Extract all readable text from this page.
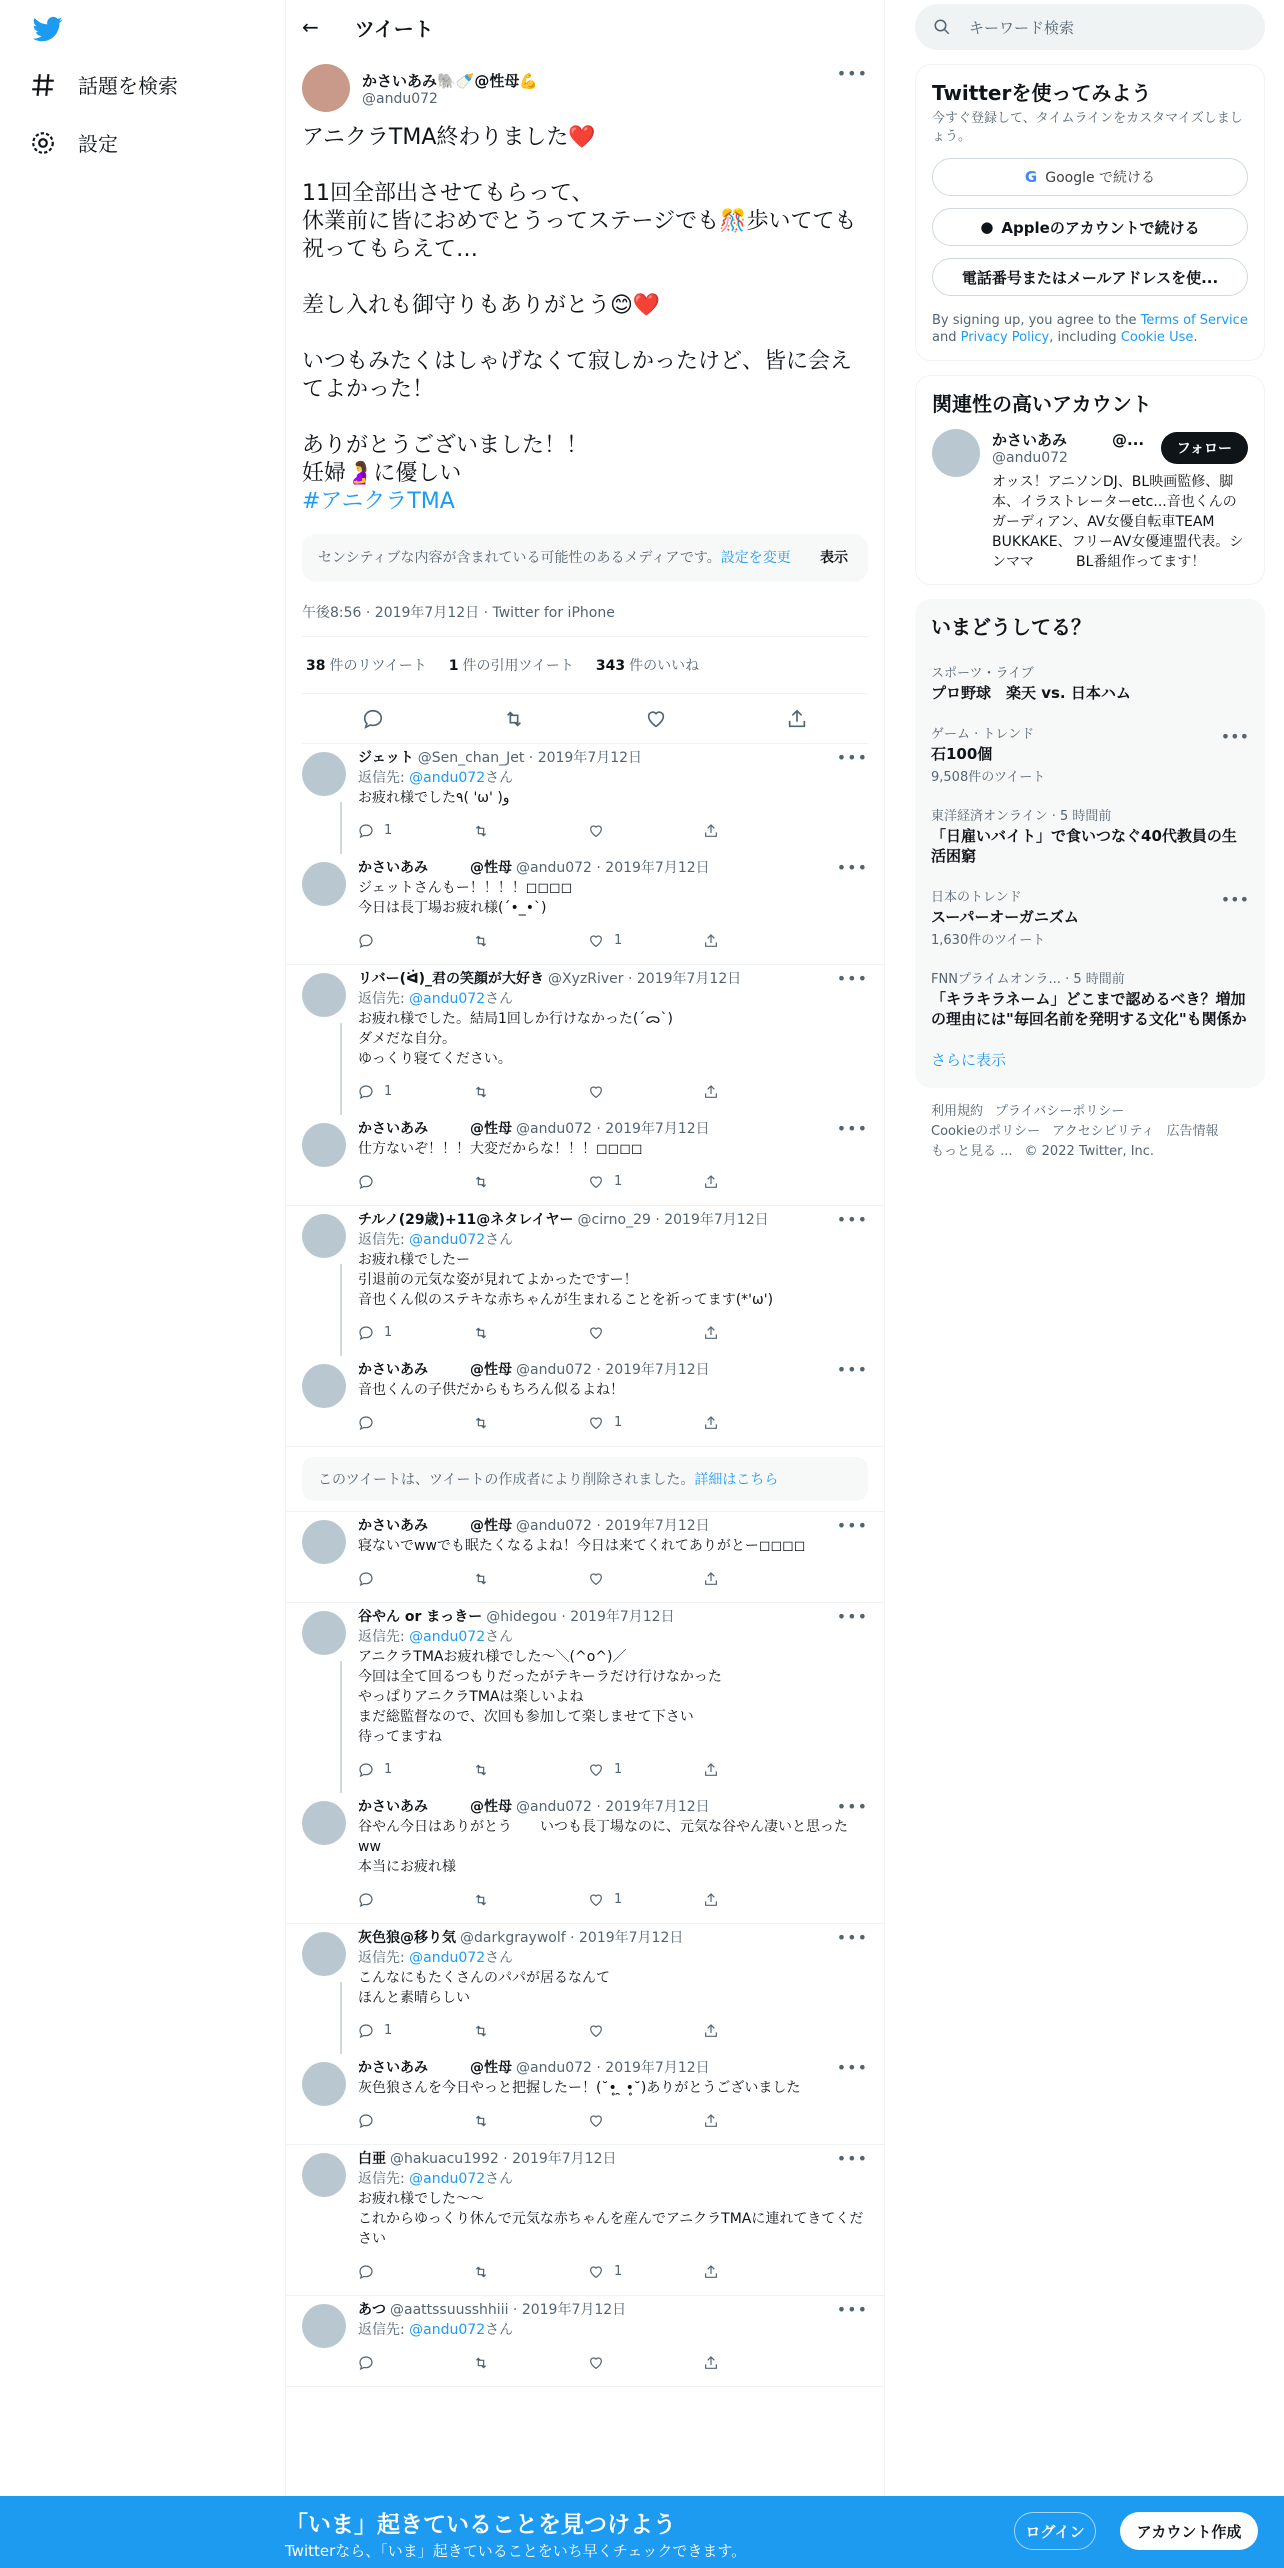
話題を検索
設定
← ツイート
かさいあみ🐘🍼@性母💪
@andu072
•••

アニクラTMA終わりました❤️

11回全部出させてもらって、
休業前に皆におめでとうってステージでも🎊歩いてても祝ってもらえて…

差し入れも御守りもありがとう😊❤️

いつもみたくはしゃげなくて寂しかったけど、皆に会えてよかった！

ありがとうございました！！
妊婦🤰に優しい

#アニクラTMA
センシティブな内容が含まれている可能性のあるメディアです。設定を変更	表示
午後8:56 · 2019年7月12日 · Twitter for iPhone
38 件のリツイート 1 件の引用ツイート 343 件のいいね
ジェット @Sen_chan_Jet · 2019年7月12日	•••
返信先: @andu072さん
お疲れ様でした٩( 'ω' )و
1
かさいあみ　　　@性母 @andu072 · 2019年7月12日	•••
ジェットさんもー！！！！◻︎◻︎◻︎◻︎
今日は長丁場お疲れ様(´•_•`)
1
リバー(ᐛ)_君の笑顔が大好き @XyzRiver · 2019年7月12日	•••
返信先: @andu072さん
お疲れ様でした。結局1回しか行けなかった(´ᯅ`)
ダメだな自分。
ゆっくり寝てください。
1
かさいあみ　　　@性母 @andu072 · 2019年7月12日	•••
仕方ないぞ！！！大変だからな！！！◻︎◻︎◻︎◻︎
1
チルノ(29歳)+11@ネタレイヤー @cirno_29 · 2019年7月12日	•••
返信先: @andu072さん
お疲れ様でしたー
引退前の元気な姿が見れてよかったですー！
音也くん似のステキな赤ちゃんが生まれることを祈ってます(*'ω')
1
かさいあみ　　　@性母 @andu072 · 2019年7月12日	•••
音也くんの子供だからもちろん似るよね！
1
このツイートは、ツイートの作成者により削除されました。詳細はこちら
かさいあみ　　　@性母 @andu072 · 2019年7月12日	•••
寝ないでwwでも眠たくなるよね！今日は来てくれてありがとー◻︎◻︎◻︎◻︎
谷やん or まっきー @hidegou · 2019年7月12日	•••
返信先: @andu072さん
アニクラTMAお疲れ様でした～＼(^o^)／
今回は全て回るつもりだったがテキーラだけ行けなかった
やっぱりアニクラTMAは楽しいよね
まだ総監督なので、次回も参加して楽しませて下さい
待ってますね
1	1
かさいあみ　　　@性母 @andu072 · 2019年7月12日	•••
谷やん今日はありがとう　　いつも長丁場なのに、元気な谷やん凄いと思ったww
本当にお疲れ様
1
灰色狼@移り気 @darkgraywolf · 2019年7月12日	•••
返信先: @andu072さん
こんなにもたくさんのパパが居るなんて
ほんと素晴らしい
1
かさいあみ　　　@性母 @andu072 · 2019年7月12日	•••
灰色狼さんを今日やっと把握したー！(˘•̥ ̯ •̥˘)ありがとうございました

白亜 @hakuacu1992 · 2019年7月12日	•••
返信先: @andu072さん
お疲れ様でした〜〜
これからゆっくり休んで元気な赤ちゃんを産んでアニクラTMAに連れてきてください
1
あつ @aattssuusshhiii · 2019年7月12日	•••
返信先: @andu072さん
キーワード検索
Twitterを使ってみよう
今すぐ登録して、タイムラインをカスタマイズしましょう。
G Google で続ける
● Appleのアカウントで続ける
電話番号またはメールアドレスを使...
By signing up, you agree to the Terms of Service and Privacy Policy, including Cookie Use.
関連性の高いアカウント
かさいあみ　　　@...
@andu072
フォロー
オッス！アニソンDJ、BL映画監修、脚本、イラストレーターetc...音也くんのガーディアン、AV女優自転車TEAM BUKKAKE、フリーAV女優連盟代表。シンママ　　　BL番組作ってます！
いまどうしてる？
スポーツ・ライブ
プロ野球　楽天 vs. 日本ハム
ゲーム · トレンド
石100個
9,508件のツイート
•••
東洋経済オンライン · 5 時間前
「日雇いバイト」で食いつなぐ40代教員の生活困窮
日本のトレンド
スーパーオーガニズム
1,630件のツイート
•••
FNNプライムオンラ... · 5 時間前
「キラキラネーム」どこまで認めるべき？増加の理由には"毎回名前を発明する文化"も関係か
さらに表示
利用規約 プライバシーポリシー
Cookieのポリシー アクセシビリティ 広告情報
もっと見る ... © 2022 Twitter, Inc.
「いま」起きていることを見つけよう
Twitterなら、「いま」起きていることをいち早くチェックできます。
ログイン	アカウント作成
